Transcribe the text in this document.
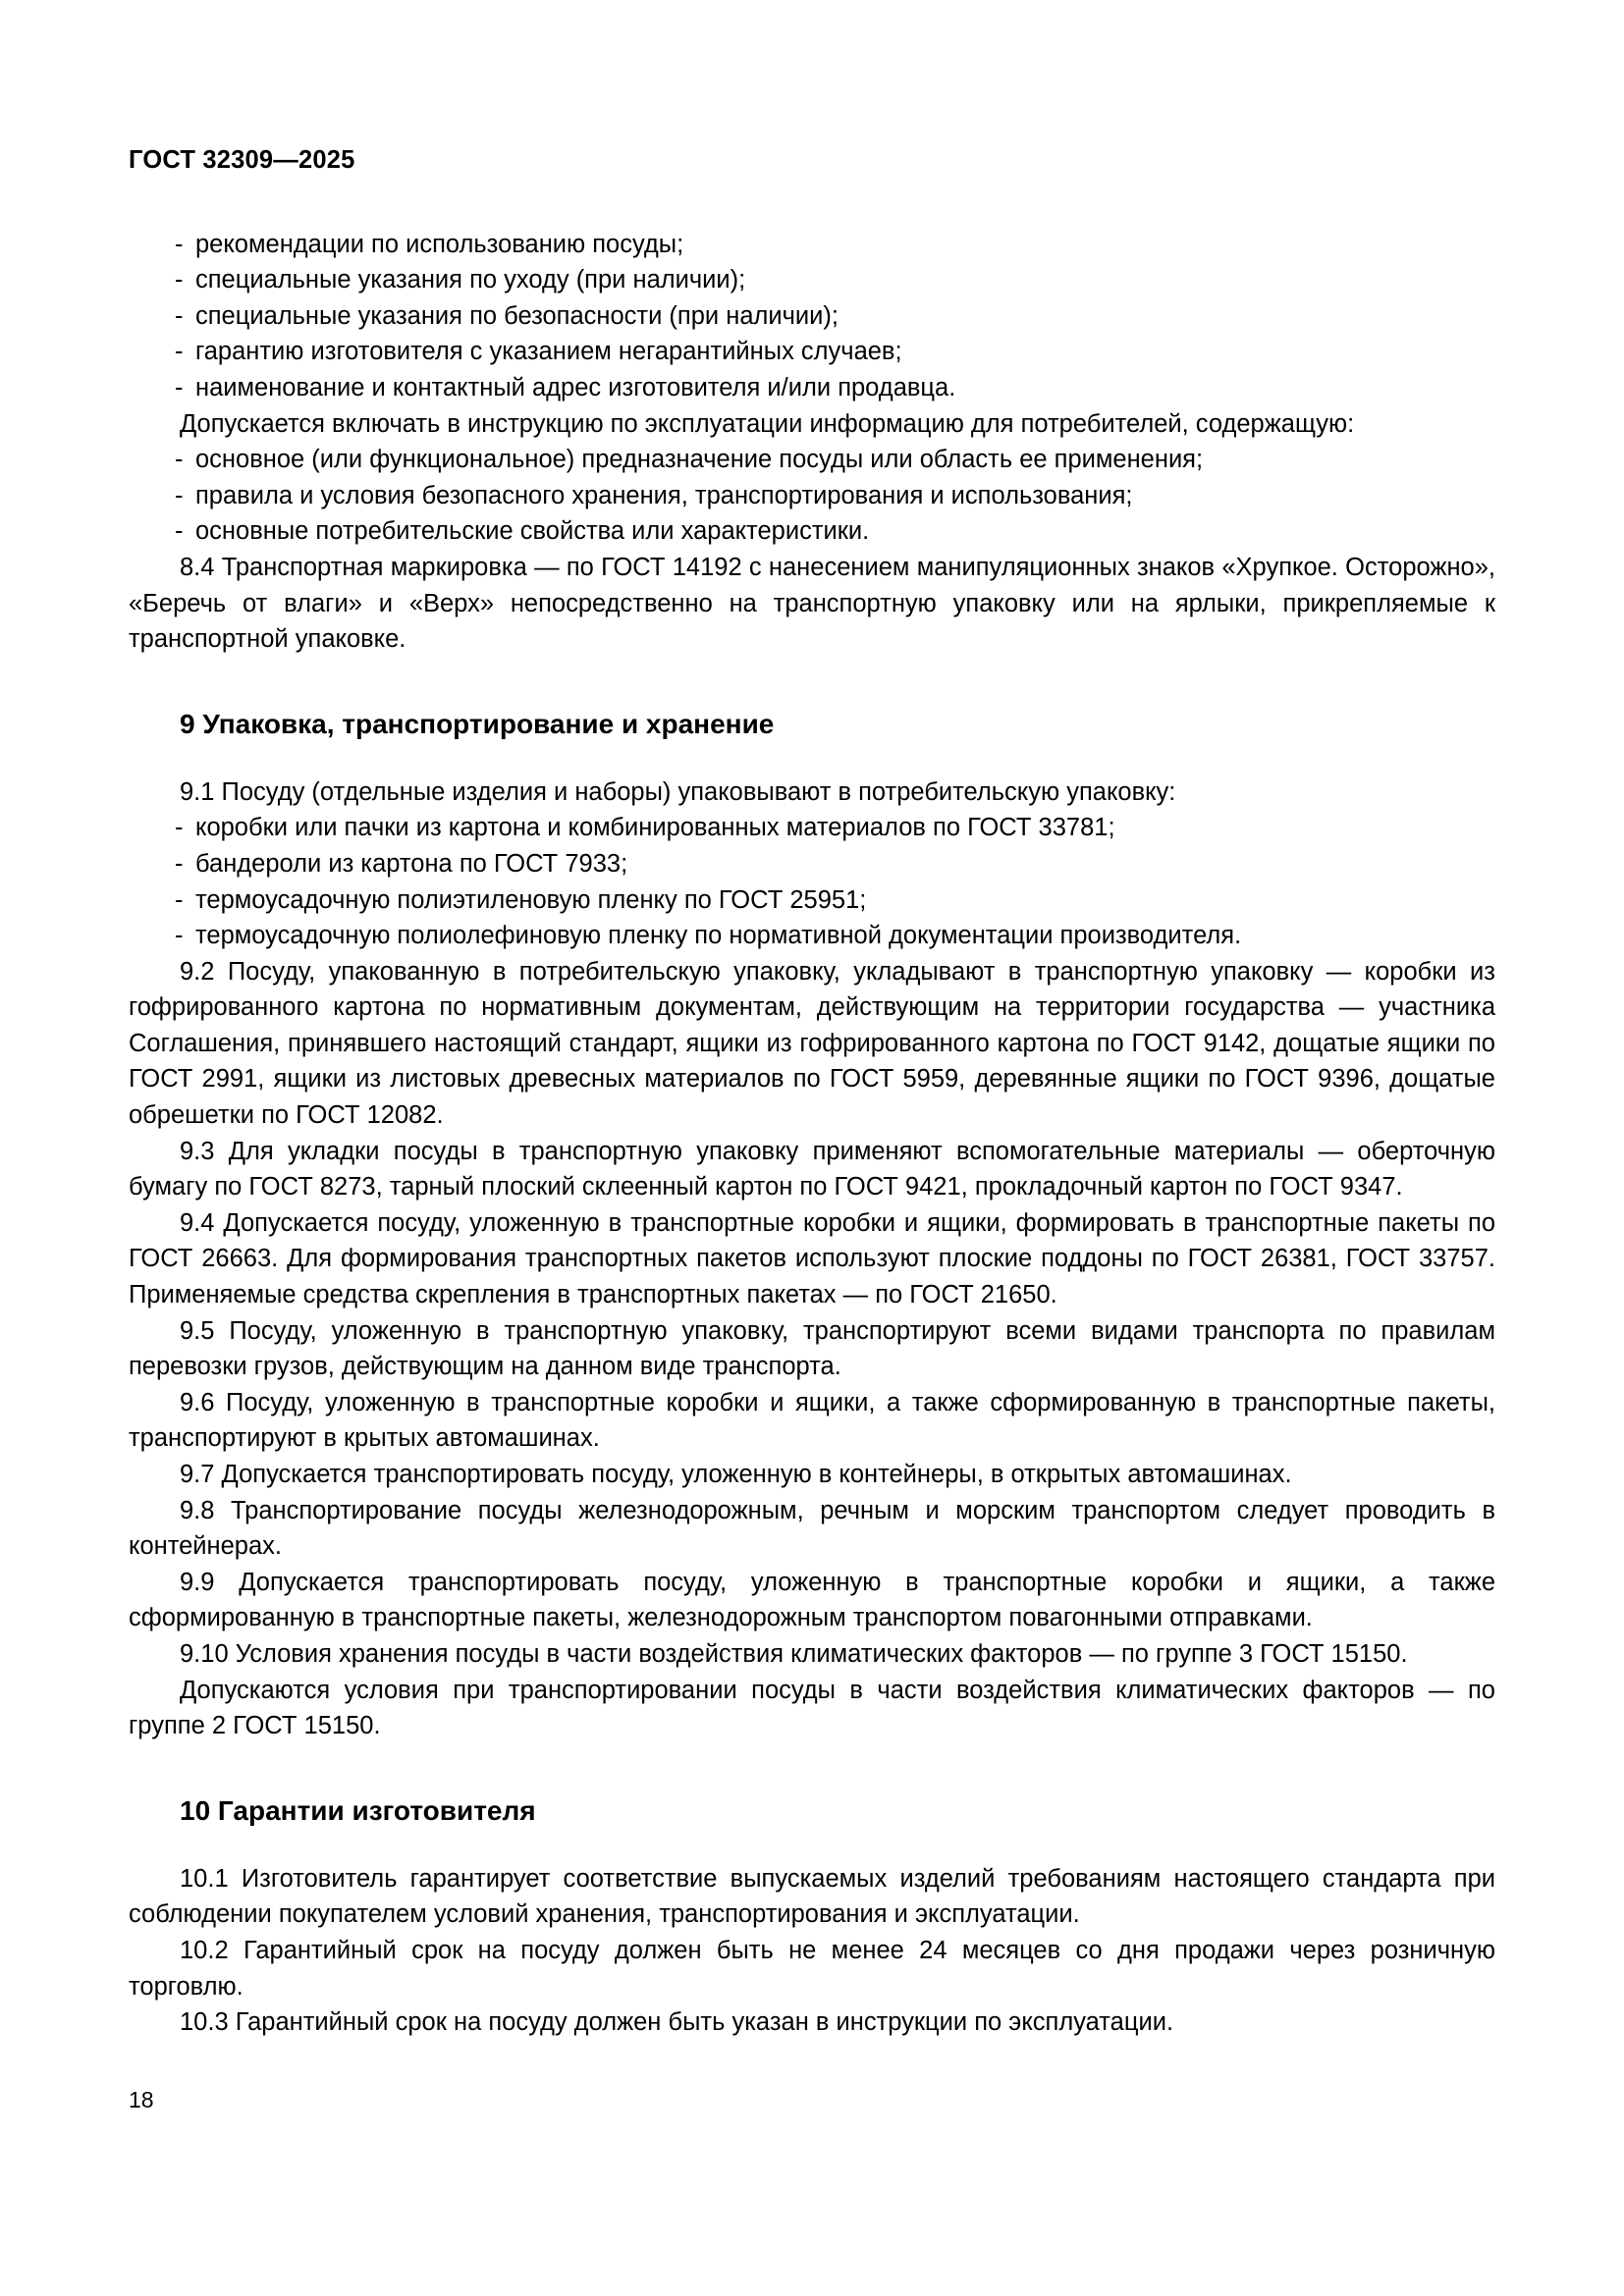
ГОСТ 32309—2025
- рекомендации по использованию посуды;
- специальные указания по уходу (при наличии);
- специальные указания по безопасности (при наличии);
- гарантию изготовителя с указанием негарантийных случаев;
- наименование и контактный адрес изготовителя и/или продавца.

Допускается включать в инструкцию по эксплуатации информацию для потребителей, содержащую:

- основное (или функциональное) предназначение посуды или область ее применения;
- правила и условия безопасного хранения, транспортирования и использования;
- основные потребительские свойства или характеристики.

8.4 Транспортная маркировка — по ГОСТ 14192 с нанесением манипуляционных знаков «Хрупкое. Осторожно», «Беречь от влаги» и «Верх» непосредственно на транспортную упаковку или на ярлыки, прикрепляемые к транспортной упаковке.

9 Упаковка, транспортирование и хранение

9.1 Посуду (отдельные изделия и наборы) упаковывают в потребительскую упаковку:

- коробки или пачки из картона и комбинированных материалов по ГОСТ 33781;
- бандероли из картона по ГОСТ 7933;
- термоусадочную полиэтиленовую пленку по ГОСТ 25951;
- термоусадочную полиолефиновую пленку по нормативной документации производителя.

9.2 Посуду, упакованную в потребительскую упаковку, укладывают в транспортную упаковку — коробки из гофрированного картона по нормативным документам, действующим на территории государства — участника Соглашения, принявшего настоящий стандарт, ящики из гофрированного картона по ГОСТ 9142, дощатые ящики по ГОСТ 2991, ящики из листовых древесных материалов по ГОСТ 5959, деревянные ящики по ГОСТ 9396, дощатые обрешетки по ГОСТ 12082.

9.3 Для укладки посуды в транспортную упаковку применяют вспомогательные материалы — оберточную бумагу по ГОСТ 8273, тарный плоский склеенный картон по ГОСТ 9421, прокладочный картон по ГОСТ 9347.

9.4 Допускается посуду, уложенную в транспортные коробки и ящики, формировать в транспортные пакеты по ГОСТ 26663. Для формирования транспортных пакетов используют плоские поддоны по ГОСТ 26381, ГОСТ 33757. Применяемые средства скрепления в транспортных пакетах — по ГОСТ 21650.

9.5 Посуду, уложенную в транспортную упаковку, транспортируют всеми видами транспорта по правилам перевозки грузов, действующим на данном виде транспорта.

9.6 Посуду, уложенную в транспортные коробки и ящики, а также сформированную в транспортные пакеты, транспортируют в крытых автомашинах.

9.7 Допускается транспортировать посуду, уложенную в контейнеры, в открытых автомашинах.

9.8 Транспортирование посуды железнодорожным, речным и морским транспортом следует проводить в контейнерах.

9.9 Допускается транспортировать посуду, уложенную в транспортные коробки и ящики, а также сформированную в транспортные пакеты, железнодорожным транспортом повагонными отправками.

9.10 Условия хранения посуды в части воздействия климатических факторов — по группе 3 ГОСТ 15150.

Допускаются условия при транспортировании посуды в части воздействия климатических факторов — по группе 2 ГОСТ 15150.

10 Гарантии изготовителя

10.1 Изготовитель гарантирует соответствие выпускаемых изделий требованиям настоящего стандарта при соблюдении покупателем условий хранения, транспортирования и эксплуатации.

10.2 Гарантийный срок на посуду должен быть не менее 24 месяцев со дня продажи через розничную торговлю.

10.3 Гарантийный срок на посуду должен быть указан в инструкции по эксплуатации.

18
